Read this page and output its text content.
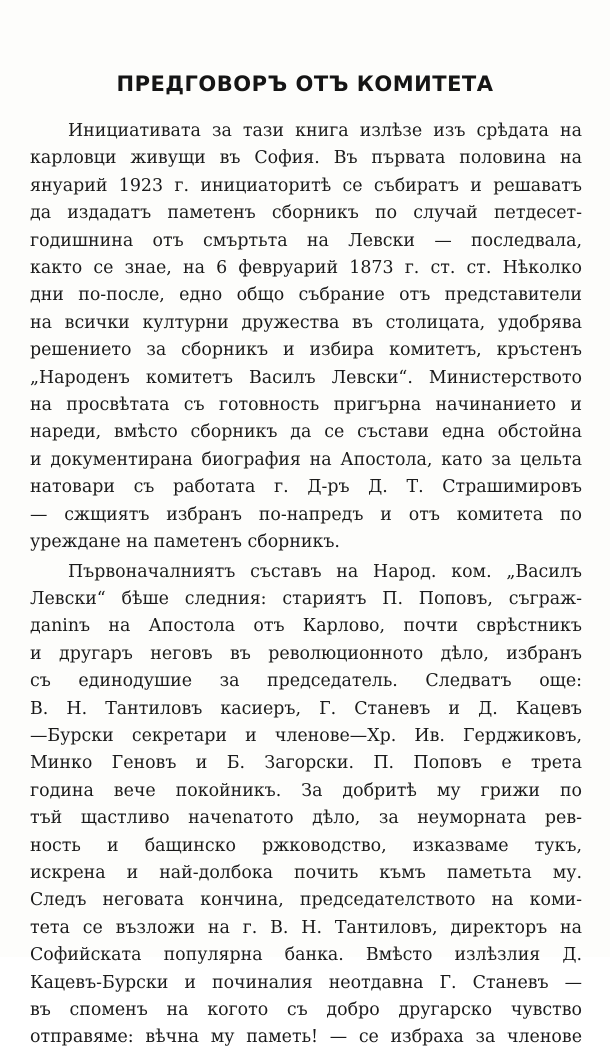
ПРЕДГОВОРЪ ОТЪ КОМИТЕТА
Инициативата за тази книга излѣзе изъ срѣдата на
карловци живущи въ София. Въ първата половина на
януарий 1923 г. инициаторитѣ се събиратъ и решаватъ
да издадатъ паметенъ сборникъ по случай петдесет-
годишнина отъ смъртьта на Левски — последвала,
както се знае, на 6 февруарий 1873 г. ст. ст. Нѣколко
дни по-после, едно общо събрание отъ представители
на всички културни дружества въ столицата, удобрява
решението за сборникъ и избира комитетъ, кръстенъ
„Народенъ комитетъ Василъ Левски“. Министерството
на просвѣтата съ готовность пригърна начинанието и
нареди, вмѣсто сборникъ да се състави една обстойна
и документирана биография на Апостола, като за цельта
натовари съ работата г. Д-ръ Д. Т. Страшимировъ
— сжщиятъ избранъ по-напредъ и отъ комитета по
уреждане на паметенъ сборникъ.
Първоначалниятъ съставъ на Народ. ком. „Василъ
Левски“ бѣше следния: стариятъ П. Поповъ, съграж-
даninъ на Апостола отъ Карлово, почти сврѣстникъ
и другаръ неговъ въ революционното дѣло, избранъ
съ единодушие за председатель. Следватъ още:
В. Н. Тантиловъ касиеръ, Г. Станевъ и Д. Кацевъ
—Бурски секретари и членове—Хр. Ив. Герджиковъ,
Минко Геновъ и Б. Загорски. П. Поповъ е трета
година вече покойникъ. За добритѣ му грижи по
тъй щастливо начenатото дѣло, за неуморната рев-
ность и бащинско ржководство, изказваме тукъ,
искрена и най-долбока почить къмъ паметьта му.
Следъ неговата кончина, председателството на коми-
тета се възложи на г. В. Н. Тантиловъ, директоръ на
Софийската популярна банка. Вмѣсто излѣзлия Д.
Кацевъ-Бурски и починалия неотдавна Г. Станевъ —
въ споменъ на когото съ добро другарско чувство
отправяме: вѣчна му паметь! — се избраха за членове
